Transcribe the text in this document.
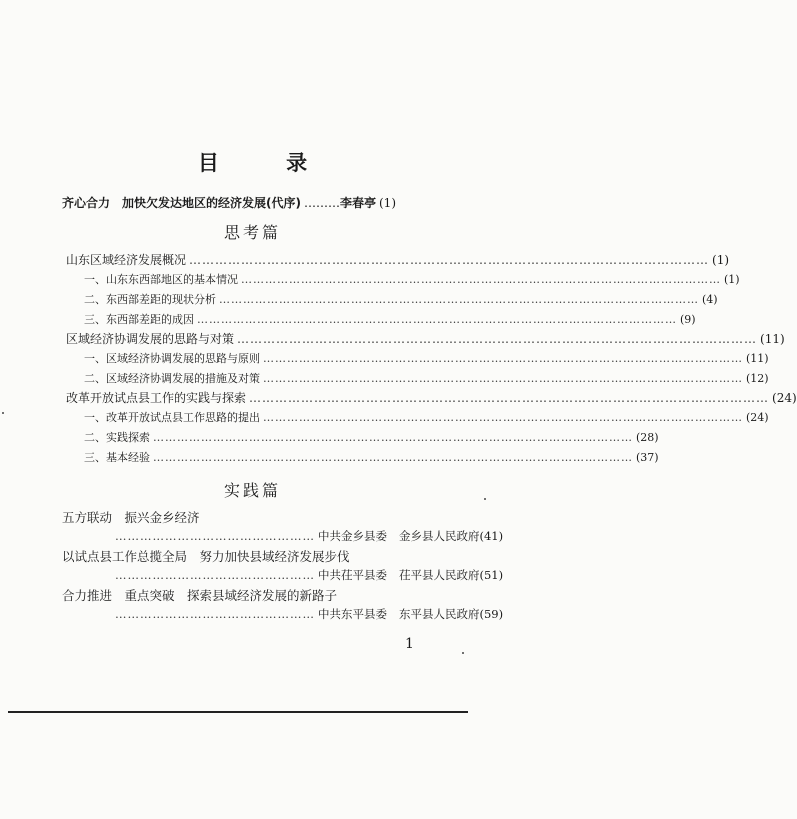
目 录
齐心合力　加快欠发达地区的经济发展(代序) ……… 李春亭 (1)
思考篇
山东区域经济发展概况 ………………………………………………………………………………………………………… (1)
一、山东东西部地区的基本情况 ………………………………………………………………………………………………………… (1)
二、东西部差距的现状分析 ………………………………………………………………………………………………………… (4)
三、东西部差距的成因 ………………………………………………………………………………………………………… (9)
区域经济协调发展的思路与对策 ………………………………………………………………………………………………………… (11)
一、区域经济协调发展的思路与原则 ………………………………………………………………………………………………………… (11)
二、区域经济协调发展的措施及对策 ………………………………………………………………………………………………………… (12)
改革开放试点县工作的实践与探索 ………………………………………………………………………………………………………… (24)
一、改革开放试点县工作思路的提出 ………………………………………………………………………………………………………… (24)
二、实践探索 ………………………………………………………………………………………………………… (28)
三、基本经验 ………………………………………………………………………………………………………… (37)
实践篇
五方联动　振兴金乡经济
………………………………………… 中共金乡县委 金乡县人民政府 (41)
以试点县工作总揽全局　努力加快县域经济发展步伐
………………………………………… 中共茌平县委 茌平县人民政府 (51)
合力推进　重点突破　探索县域经济发展的新路子
………………………………………… 中共东平县委 东平县人民政府 (59)
1
